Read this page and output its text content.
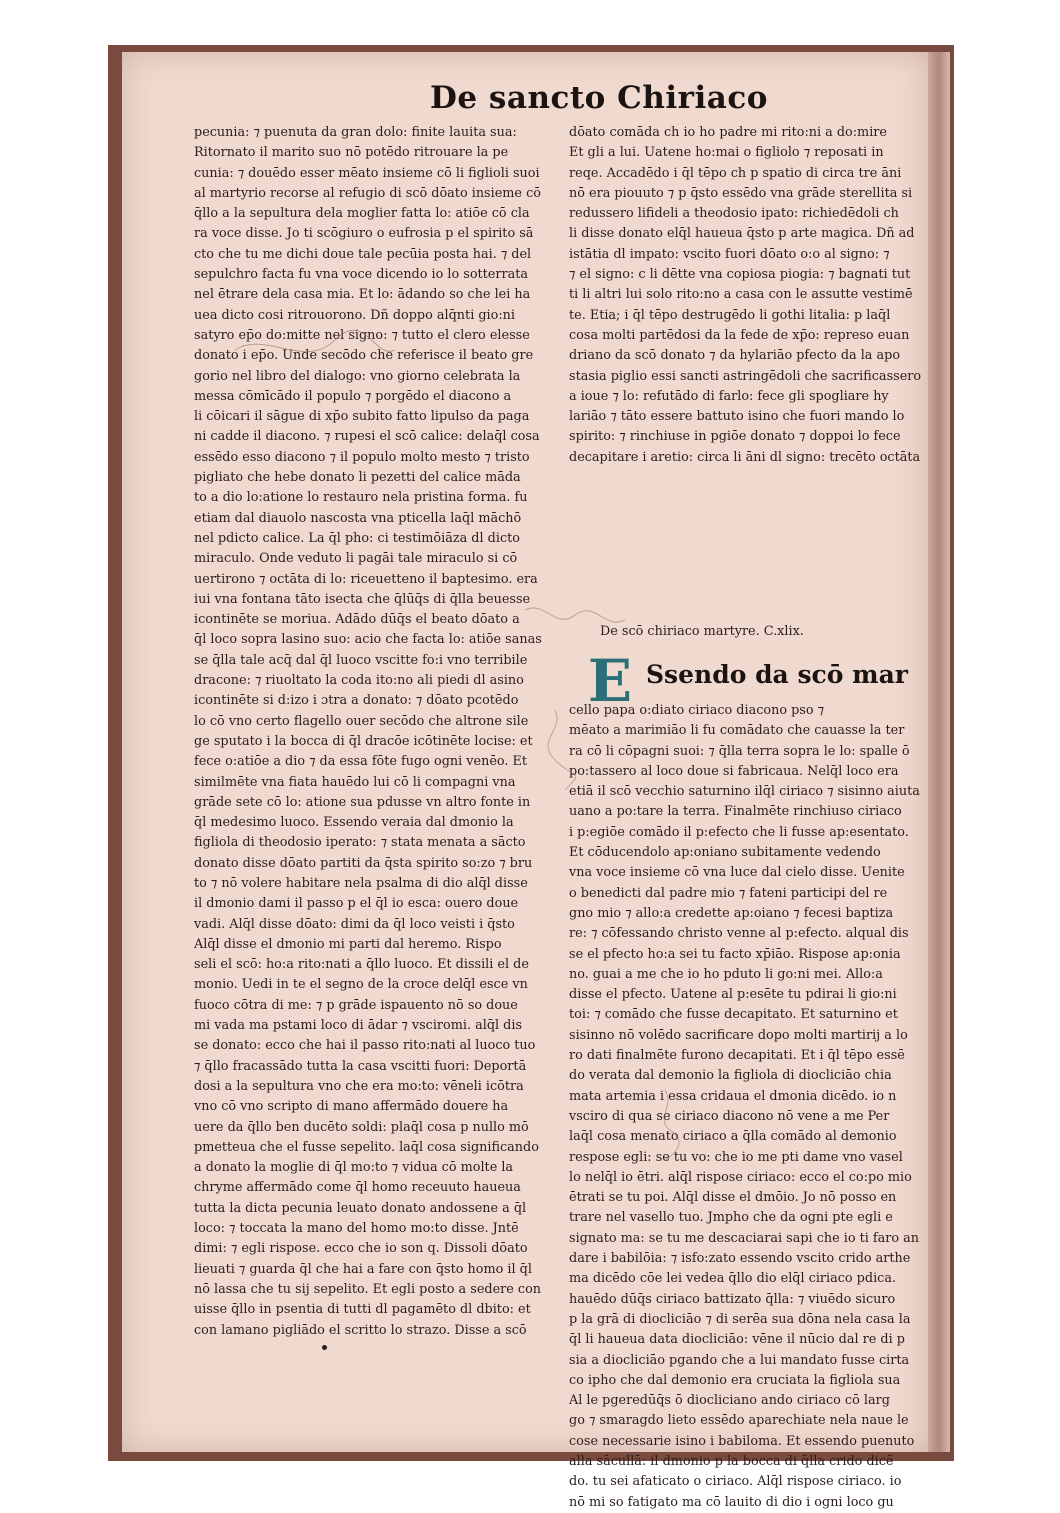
De sancto Chiriaco
pecunia: ⁊ puenuta da gran dolo: finite lauita sua:
Ritornato il marito suo nō potēdo ritrouare la pe
cunia: ⁊ douēdo esser mēato insieme cō li figlioli suoi
al martyrio recorse al refugio di scō dōato insieme cō
q̄llo a la sepultura dela moglier fatta lo: atiōe cō cla
ra voce disse. Jo ti scōgiuro o eufrosia p el spirito sā
cto che tu me dichi doue tale pecūia posta hai. ⁊ del
sepulchro facta fu vna voce dicendo io lo sotterrata
nel ētrare dela casa mia. Et lo: ādando so che lei ha
uea dicto cosi ritrouorono. Dñ doppo alq̄nti gio:ni
satyro ep̄o do:mitte nel signo: ⁊ tutto el clero elesse
donato i ep̄o. Unde secōdo che referisce il beato gre
gorio nel libro del dialogo: vno giorno celebrata la
messa cōmīcādo il populo ⁊ porgēdo el diacono a
li cōicari il sāgue di xp̄o subito fatto lipulso da paga
ni cadde il diacono. ⁊ rupesi el scō calice: delaq̄l cosa
essēdo esso diacono ⁊ il populo molto mesto ⁊ tristo
pigliato che hebe donato li pezetti del calice māda
to a dio lo:atione lo restauro nela pristina forma. fu
etiam dal diauolo nascosta vna pticella laq̄l māchō
nel pdicto calice. La q̄l pho: ci testimōiāza dl dicto
miraculo. Onde veduto li pagāi tale miraculo si cō
uertirono ⁊ octāta di lo: riceuetteno il baptesimo. era
iui vna fontana tāto isecta che q̄lūq̄s di q̄lla beuesse
icontinēte se moriua. Adādo dūq̄s el beato dōato a
q̄l loco sopra lasino suo: acio che facta lo: atiōe sanas
se q̄lla tale acq̄ dal q̄l luoco vscitte fo:i vno terribile
dracone: ⁊ riuoltato la coda ito:no ali piedi dl asino
icontinēte si d:izo i ɔtra a donato: ⁊ dōato pcotēdo
lo cō vno certo flagello ouer secōdo che altrone sile
ge sputato i la bocca di q̄l dracōe icōtinēte locise: et
fece o:atiōe a dio ⁊ da essa fōte fugo ogni venēo. Et
similmēte vna fiata hauēdo lui cō li compagni vna
grāde sete cō lo: atione sua pdusse vn altro fonte in
q̄l medesimo luoco. Essendo veraia dal dmonio la
figliola di theodosio iperato: ⁊ stata menata a sācto
donato disse dōato partiti da q̄sta spirito so:zo ⁊ bru
to ⁊ nō volere habitare nela psalma di dio alq̄l disse
il dmonio dami il passo p el q̄l io esca: ouero doue
vadi. Alq̄l disse dōato: dimi da q̄l loco veisti i q̄sto
Alq̄l disse el dmonio mi parti dal heremo. Rispo
seli el scō: ho:a rito:nati a q̄llo luoco. Et dissili el de
monio. Uedi in te el segno de la croce delq̄l esce vn
fuoco cōtra di me: ⁊ p grāde ispauento nō so doue
mi vada ma pstami loco di ādar ⁊ vsciromi. alq̄l dis
se donato: ecco che hai il passo rito:nati al luoco tuo
⁊ q̄llo fracassādo tutta la casa vscitti fuori: Deportā
dosi a la sepultura vno che era mo:to: vēneli icōtra
vno cō vno scripto di mano affermādo douere ha
uere da q̄llo ben ducēto soldi: plaq̄l cosa p nullo mō
pmetteua che el fusse sepelito. laq̄l cosa significando
a donato la moglie di q̄l mo:to ⁊ vidua cō molte la
chryme affermādo come q̄l homo receuuto haueua
tutta la dicta pecunia leuato donato andossene a q̄l
loco: ⁊ toccata la mano del homo mo:to disse. Jntē
dimi: ⁊ egli rispose. ecco che io son q. Dissoli dōato
lieuati ⁊ guarda q̄l che hai a fare con q̄sto homo il q̄l
nō lassa che tu sij sepelito. Et egli posto a sedere con
uisse q̄llo in psentia di tutti dl pagamēto dl dbito: et
con lamano pigliādo el scritto lo strazo. Disse a scō
dōato comāda ch io ho padre mi rito:ni a do:mire
Et gli a lui. Uatene ho:mai o figliolo ⁊ reposati in
reqe. Accadēdo i q̄l tēpo ch p spatio di circa tre āni
nō era piouuto ⁊ p q̄sto essēdo vna grāde sterellita si
redussero lifideli a theodosio ipato: richiedēdoli ch
li disse donato elq̄l haueua q̄sto p arte magica. Dñ ad
istātia dl impato: vscito fuori dōato o:o al signo: ⁊
⁊ el signo: c li dētte vna copiosa piogia: ⁊ bagnati tut
ti li altri lui solo rito:no a casa con le assutte vestimē
te. Etia; i q̄l tēpo destrugēdo li gothi litalia: p laq̄l
cosa molti partēdosi da la fede de xp̄o: represo euan
driano da scō donato ⁊ da hylariāo pfecto da la apo
stasia piglio essi sancti astringēdoli che sacrificassero
a ioue ⁊ lo: refutādo di farlo: fece gli spogliare hy
lariāo ⁊ tāto essere battuto isino che fuori mando lo
spirito: ⁊ rinchiuse in pgiōe donato ⁊ doppoi lo fece
decapitare i aretio: circa li āni dl signo: trecēto octāta
De scō chiriaco martyre. C.xlix.
E Ssendo da scō mar
cello papa o:diato ciriaco diacono pso ⁊
mēato a marimiāo li fu comādato che cauasse la ter
ra cō li cōpagni suoi: ⁊ q̄lla terra sopra le lo: spalle ō
po:tassero al loco doue si fabricaua. Nelq̄l loco era
etiā il scō vecchio saturnino ilq̄l ciriaco ⁊ sisinno aiuta
uano a po:tare la terra. Finalmēte rinchiuso ciriaco
i p:egiōe comādo il p:efecto che li fusse ap:esentato.
Et cōducendolo ap:oniano subitamente vedendo
vna voce insieme cō vna luce dal cielo disse. Uenite
o benedicti dal padre mio ⁊ fateni participi del re
gno mio ⁊ allo:a credette ap:oiano ⁊ fecesi baptiza
re: ⁊ cōfessando christo venne al p:efecto. alqual dis
se el pfecto ho:a sei tu facto xp̄iāo. Rispose ap:onia
no. guai a me che io ho pduto li go:ni mei. Allo:a
disse el pfecto. Uatene al p:esēte tu pdirai li gio:ni
toi: ⁊ comādo che fusse decapitato. Et saturnino et
sisinno nō volēdo sacrificare dopo molti martirij a lo
ro dati finalmēte furono decapitati. Et i q̄l tēpo essē
do verata dal demonio la figliola di diocliciāo chia
mata artemia i essa cridaua el dmonia dicēdo. io n
vsciro di qua se ciriaco diacono nō vene a me Per
laq̄l cosa menato ciriaco a q̄lla comādo al demonio
respose egli: se tu vo: che io me pti dame vno vasel
lo nelq̄l io ētri. alq̄l rispose ciriaco: ecco el co:po mio
ētrati se tu poi. Alq̄l disse el dmōio. Jo nō posso en
trare nel vasello tuo. Jmpho che da ogni pte egli e
signato ma: se tu me descaciarai sapi che io ti faro an
dare i babilōia: ⁊ isfo:zato essendo vscito crido arthe
ma dicēdo cōe lei vedea q̄llo dio elq̄l ciriaco pdica.
hauēdo dūq̄s ciriaco battizato q̄lla: ⁊ viuēdo sicuro
p la grā di diocliciāo ⁊ di serēa sua dōna nela casa la
q̄l li haueua data diocliciāo: vēne il nūcio dal re di p
sia a diocliciāo pgando che a lui mandato fusse cirta
co ipho che dal demonio era cruciata la figliola sua
Al le pgeredūq̄s ō diocliciano ando ciriaco cō larg
go ⁊ smaragdo lieto essēdo aparechiate nela naue le
cose necessarie isino i babiloma. Et essendo puenuto
alla sācullā: il dmonio p la bocca di q̄lla crido dicē
do. tu sei afaticato o ciriaco. Alq̄l rispose ciriaco. io
nō mi so fatigato ma cō lauito di dio i ogni loco gu
